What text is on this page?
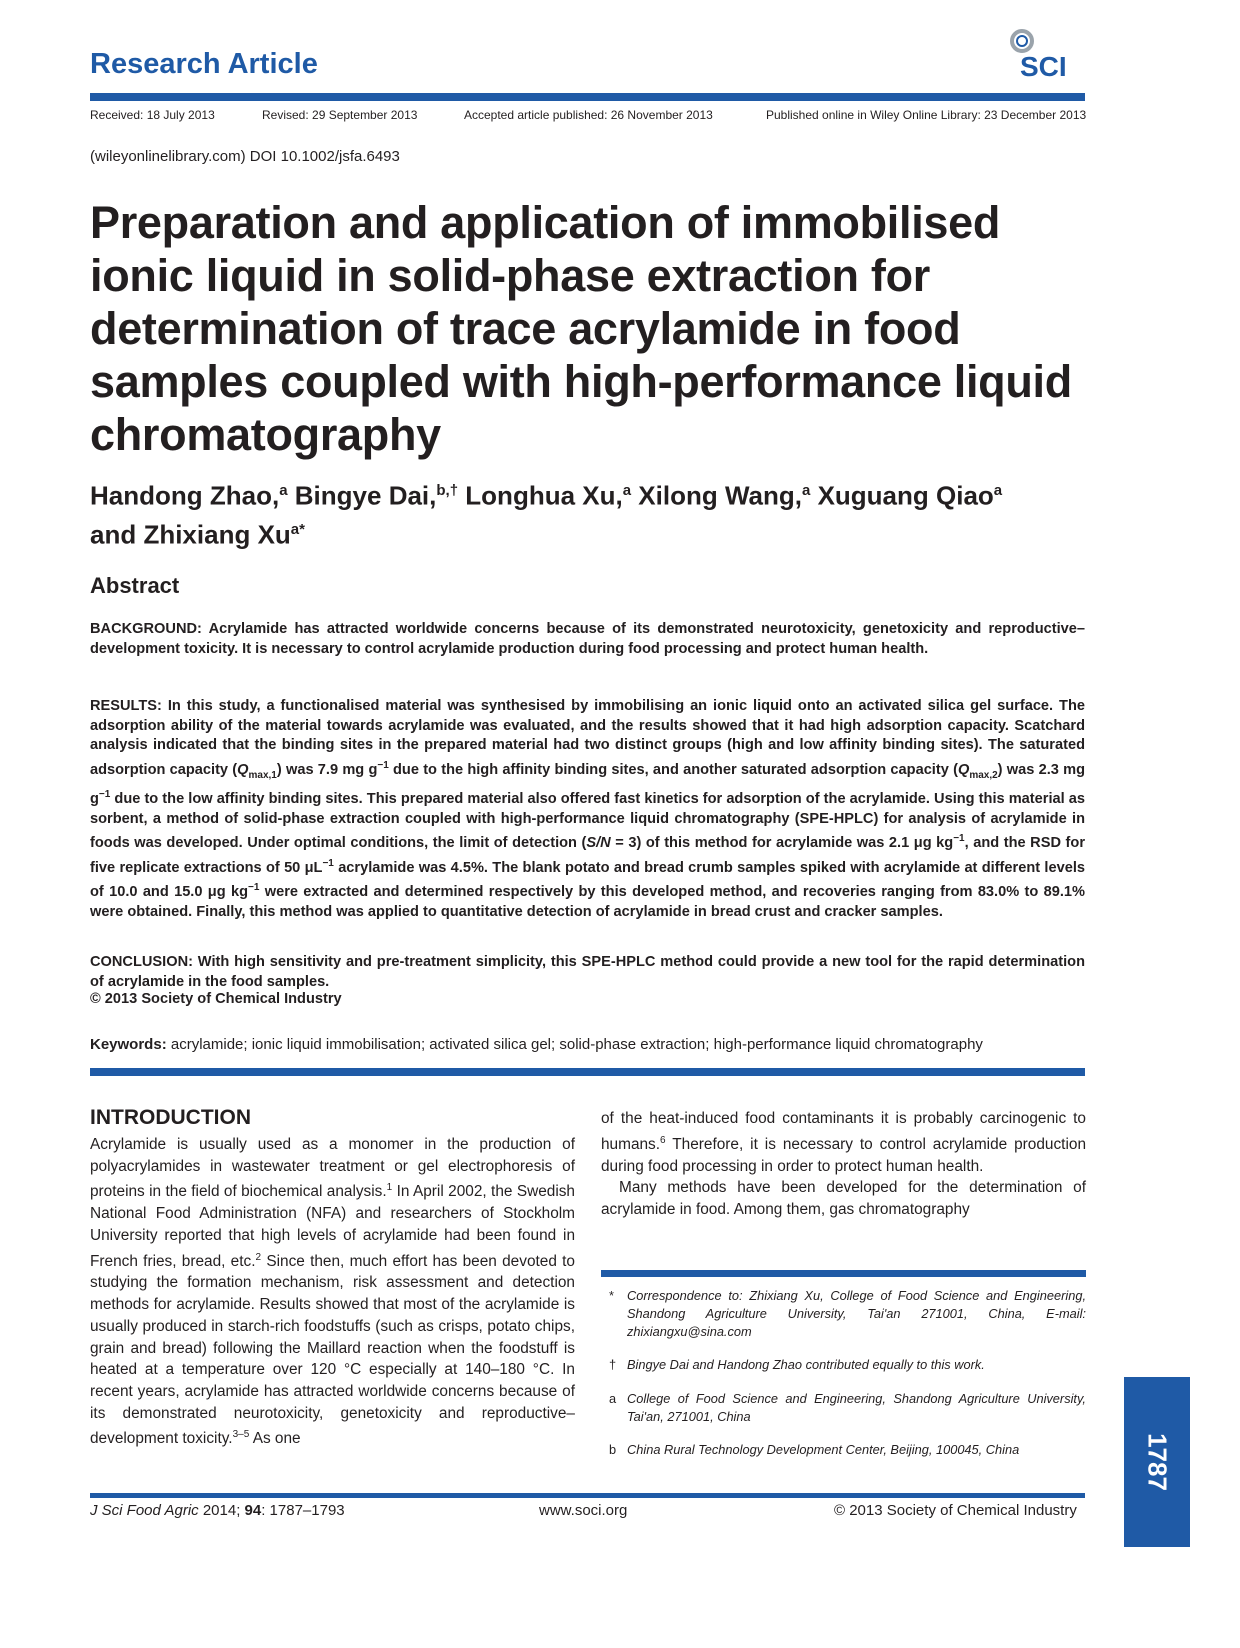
Research Article	SCI
Received: 18 July 2013	Revised: 29 September 2013	Accepted article published: 26 November 2013	Published online in Wiley Online Library: 23 December 2013
(wileyonlinelibrary.com) DOI 10.1002/jsfa.6493
Preparation and application of immobilised ionic liquid in solid-phase extraction for determination of trace acrylamide in food samples coupled with high-performance liquid chromatography
Handong Zhao,$^a$ Bingye Dai,$^{b,\dagger}$ Longhua Xu,$^a$ Xilong Wang,$^a$ Xuguang Qiao$^a$
and Zhixiang $Xu^{a*}$
Abstract
BACKGROUND: Acrylamide has attracted worldwide concerns because of its demonstrated neurotoxicity, genetoxicity and reproductive–development toxicity. It is necessary to control acrylamide production during food processing and protect human health.
RESULTS: In this study, a functionalised material was synthesised by immobilising an ionic liquid onto an activated silica gel surface. The adsorption ability of the material towards acrylamide was evaluated, and the results showed that it had high adsorption capacity. Scatchard analysis indicated that the binding sites in the prepared material had two distinct groups (high and low affinity binding sites). The saturated adsorption capacity $(Q_{max,1})$ was 7.9 mg $g^{-1}$ due to the high affinity binding sites, and another saturated adsorption capacity $(Q_{max,2})$ was 2.3 mg $g^{-1}$ due to the low affinity binding sites. This prepared material also offered fast kinetics for adsorption of the acrylamide. Using this material as sorbent, a method of solid-phase extraction coupled with high-performance liquid chromatography (SPE-HPLC) for analysis of acrylamide in foods was developed. Under optimal conditions, the limit of detection (S/N = 3) of this method for acrylamide was 2.1 μg $kg^{-1}$, and the RSD for five replicate extractions of 50 $\mu L^{-1}$ acrylamide was 4.5%. The blank potato and bread crumb samples spiked with acrylamide at different levels of 10.0 and 15.0 μg $kg^{-1}$ were extracted and determined respectively by this developed method, and recoveries ranging from 83.0% to 89.1% were obtained. Finally, this method was applied to quantitative detection of acrylamide in bread crust and cracker samples.
CONCLUSION: With high sensitivity and pre-treatment simplicity, this SPE-HPLC method could provide a new tool for the rapid determination of acrylamide in the food samples.
© 2013 Society of Chemical Industry
Keywords: acrylamide; ionic liquid immobilisation; activated silica gel; solid-phase extraction; high-performance liquid chromatography
INTRODUCTION
Acrylamide is usually used as a monomer in the production of polyacrylamides in wastewater treatment or gel electrophoresis of proteins in the field of biochemical analysis.$^1$ In April 2002, the Swedish National Food Administration (NFA) and researchers of Stockholm University reported that high levels of acrylamide had been found in French fries, bread, etc.$^2$ Since then, much effort has been devoted to studying the formation mechanism, risk assessment and detection methods for acrylamide. Results showed that most of the acrylamide is usually produced in starch-rich foodstuffs (such as crisps, potato chips, grain and bread) following the Maillard reaction when the foodstuff is heated at a temperature over 120 °C especially at 140–180 °C. In recent years, acrylamide has attracted worldwide concerns because of its demonstrated neurotoxicity, genetoxicity and reproductive–development toxicity.$^{3-5}$ As one
of the heat-induced food contaminants it is probably carcinogenic to humans.$^6$ Therefore, it is necessary to control acrylamide production during food processing in order to protect human health.
Many methods have been developed for the determination of acrylamide in food. Among them, gas chromatography
* Correspondence to: Zhixiang Xu, College of Food Science and Engineering, Shandong Agriculture University, Tai'an 271001, China, E-mail: zhixiangxu@sina.com
† Bingye Dai and Handong Zhao contributed equally to this work.
a College of Food Science and Engineering, Shandong Agriculture University, Tai'an, 271001, China
b China Rural Technology Development Center, Beijing, 100045, China	1787
J Sci Food Agric 2014; 94: 1787–1793	www.soci.org	© 2013 Society of Chemical Industry
